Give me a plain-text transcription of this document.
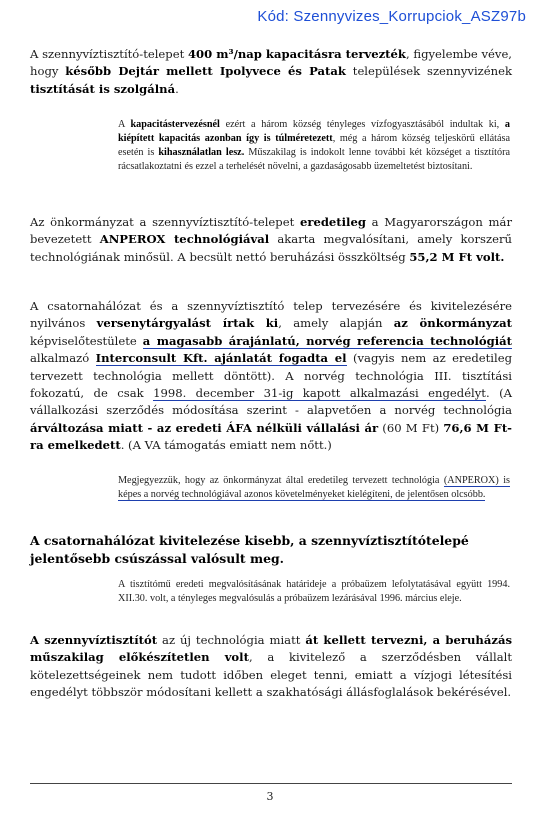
Kód: Szennyvizes_Korrupciok_ASZ97b
A szennyvíztisztító-telepet 400 m³/nap kapacitásra tervezték, figyelembe véve, hogy később Dejtár mellett Ipolyvece és Patak települések szennyvizének tisztítását is szolgálná.
A kapacitástervezésnél ezért a három község tényleges vízfogyasztásából indultak ki, a kiépített kapacitás azonban így is túlméretezett, még a három község teljeskörű ellátása esetén is kihasználatlan lesz. Műszakilag is indokolt lenne további két községet a tisztítóra rácsatlakoztatni és ezzel a terhelését növelni, a gazdaságosabb üzemeltetést biztosítani.
Az önkormányzat a szennyvíztisztító-telepet eredetileg a Magyarországon már bevezetett ANPEROX technológiával akarta megvalósítani, amely korszerű technológiának minősül. A becsült nettó beruházási összköltség 55,2 M Ft volt.
A csatornahálózat és a szennyvíztisztító telep tervezésére és kivitelezésére nyilvános versenytárgyalást írtak ki, amely alapján az önkormányzat képviselőtestülete a magasabb árajánlatú, norvég referencia technológiát alkalmazó Interconsult Kft. ajánlatát fogadta el (vagyis nem az eredetileg tervezett technológia mellett döntött). A norvég technológia III. tisztítási fokozatú, de csak 1998. december 31-ig kapott alkalmazási engedélyt. (A vállalkozási szerződés módosítása szerint - alapvetően a norvég technológia árváltozása miatt - az eredeti ÁFA nélküli vállalási ár (60 M Ft) 76,6 M Ft-ra emelkedett. (A VA támogatás emiatt nem nőtt.)
Megjegyezzük, hogy az önkormányzat által eredetileg tervezett technológia (ANPEROX) is képes a norvég technológiával azonos követelményeket kielégíteni, de jelentősen olcsóbb.
A csatornahálózat kivitelezése kisebb, a szennyvíztisztítótelepé jelentősebb csúszással valósult meg.
A tisztítómű eredeti megvalósításának határideje a próbaüzem lefolytatásával együtt 1994. XII.30. volt, a tényleges megvalósulás a próbaüzem lezárásával 1996. március eleje.
A szennyvíztisztítót az új technológia miatt át kellett tervezni, a beruházás műszakilag előkészítetlen volt, a kivitelező a szerződésben vállalt kötelezettségeinek nem tudott időben eleget tenni, emiatt a vízjogi létesítési engedélyt többször módosítani kellett a szakhatósági állásfoglalások bekérésével.
3
